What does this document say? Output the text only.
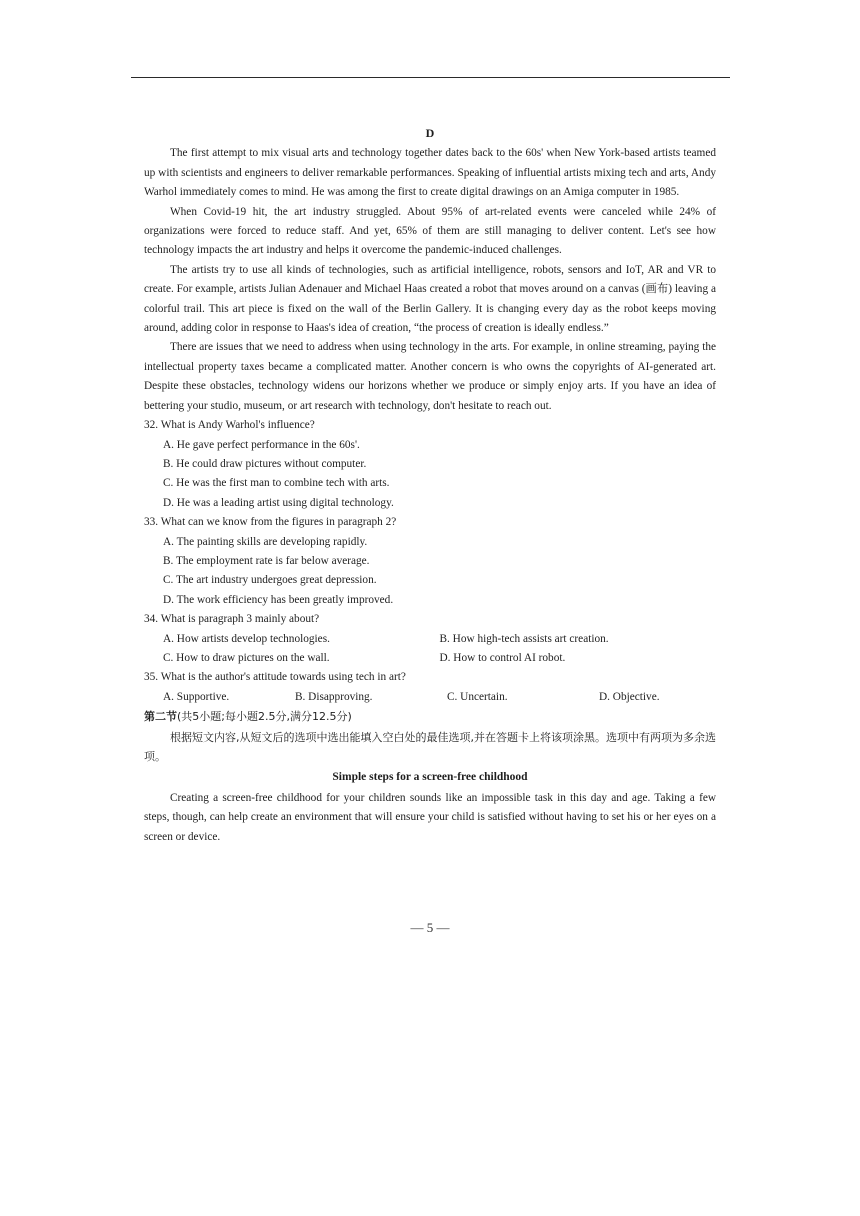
D

The first attempt to mix visual arts and technology together dates back to the 60s' when New York-based artists teamed up with scientists and engineers to deliver remarkable performances. Speaking of influential artists mixing tech and arts, Andy Warhol immediately comes to mind. He was among the first to create digital drawings on an Amiga computer in 1985.

When Covid-19 hit, the art industry struggled. About 95% of art-related events were canceled while 24% of organizations were forced to reduce staff. And yet, 65% of them are still managing to deliver content. Let's see how technology impacts the art industry and helps it overcome the pandemic-induced challenges.

The artists try to use all kinds of technologies, such as artificial intelligence, robots, sensors and IoT, AR and VR to create. For example, artists Julian Adenauer and Michael Haas created a robot that moves around on a canvas (画布) leaving a colorful trail. This art piece is fixed on the wall of the Berlin Gallery. It is changing every day as the robot keeps moving around, adding color in response to Haas's idea of creation, “the process of creation is ideally endless.”

There are issues that we need to address when using technology in the arts. For example, in online streaming, paying the intellectual property taxes became a complicated matter. Another concern is who owns the copyrights of AI-generated art. Despite these obstacles, technology widens our horizons whether we produce or simply enjoy arts. If you have an idea of bettering your studio, museum, or art research with technology, don't hesitate to reach out.

32. What is Andy Warhol's influence?

A. He gave perfect performance in the 60s'.

B. He could draw pictures without computer.

C. He was the first man to combine tech with arts.

D. He was a leading artist using digital technology.

33. What can we know from the figures in paragraph 2?

A. The painting skills are developing rapidly.

B. The employment rate is far below average.

C. The art industry undergoes great depression.

D. The work efficiency has been greatly improved.

34. What is paragraph 3 mainly about?

A. How artists develop technologies.	B. How high-tech assists art creation.
C. How to draw pictures on the wall.	D. How to control AI robot.

35. What is the author's attitude towards using tech in art?

A. Supportive.	B. Disapproving.	C. Uncertain.	D. Objective.

第二节(共5小题;每小题2.5分,满分12.5分)

根据短文内容,从短文后的选项中选出能填入空白处的最佳选项,并在答题卡上将该项涂黑。选项中有两项为多余选项。

Simple steps for a screen-free childhood

Creating a screen-free childhood for your children sounds like an impossible task in this day and age. Taking a few steps, though, can help create an environment that will ensure your child is satisfied without having to set his or her eyes on a screen or device.

— 5 —
